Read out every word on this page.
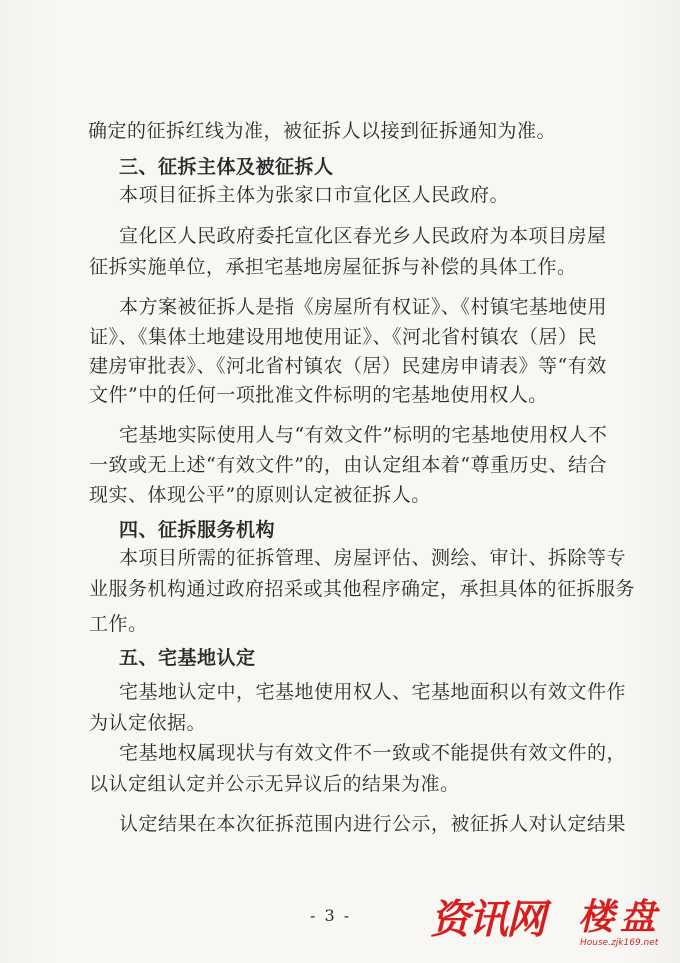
确定的征拆红线为准，被征拆人以接到征拆通知为准。
三、征拆主体及被征拆人
本项目征拆主体为张家口市宣化区人民政府。
宣化区人民政府委托宣化区春光乡人民政府为本项目房屋
征拆实施单位，承担宅基地房屋征拆与补偿的具体工作。
本方案被征拆人是指《房屋所有权证》、《村镇宅基地使用
证》、《集体土地建设用地使用证》、《河北省村镇农（居）民
建房审批表》、《河北省村镇农（居）民建房申请表》等“有效
文件”中的任何一项批准文件标明的宅基地使用权人。
宅基地实际使用人与“有效文件”标明的宅基地使用权人不
一致或无上述“有效文件”的，由认定组本着“尊重历史、结合
现实、体现公平”的原则认定被征拆人。
四、征拆服务机构
本项目所需的征拆管理、房屋评估、测绘、审计、拆除等专
业服务机构通过政府招采或其他程序确定，承担具体的征拆服务
工作。
五、宅基地认定
宅基地认定中，宅基地使用权人、宅基地面积以有效文件作
为认定依据。
宅基地权属现状与有效文件不一致或不能提供有效文件的，
以认定组认定并公示无异议后的结果为准。
认定结果在本次征拆范围内进行公示，被征拆人对认定结果
- 3 - 资讯网 楼盘
House.zjk169.net
